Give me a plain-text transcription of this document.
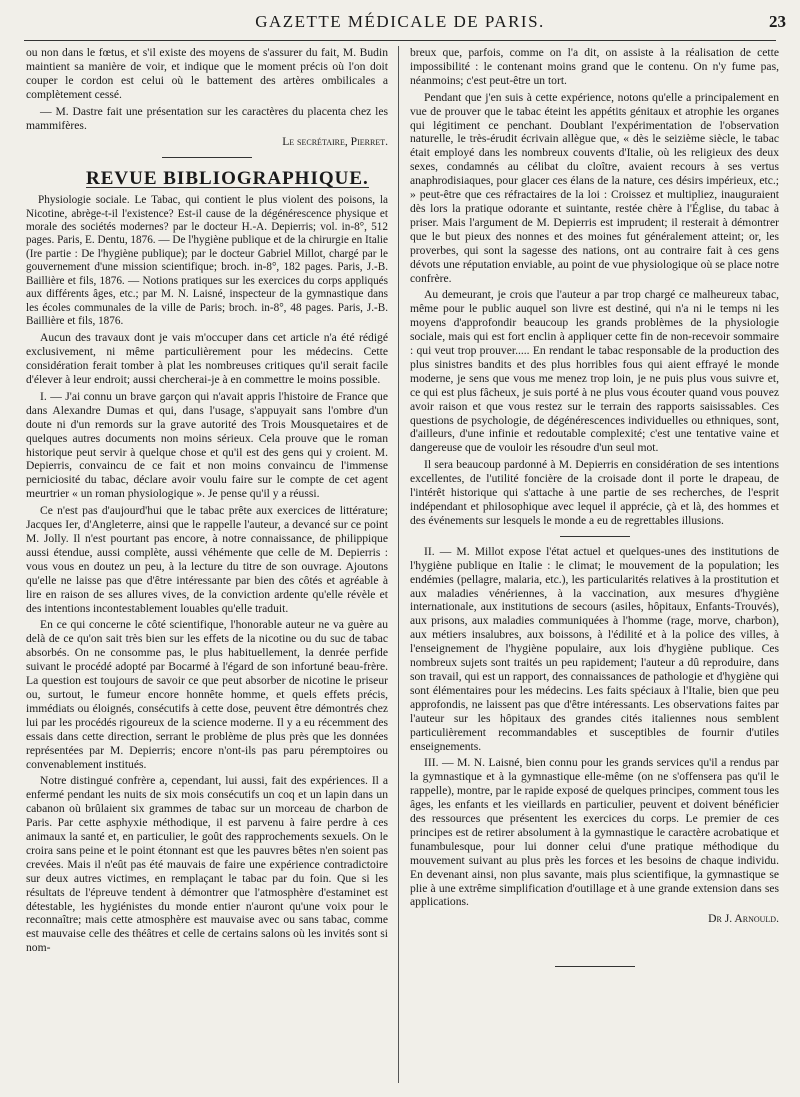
GAZETTE MÉDICALE DE PARIS.	23

ou non dans le fœtus, et s'il existe des moyens de s'assurer du fait, M. Budin maintient sa manière de voir, et indique que le moment précis où l'on doit couper le cordon est celui où le battement des artères ombilicales a complètement cessé.

— M. Dastre fait une présentation sur les caractères du placenta chez les mammifères.

Le secrétaire, Pierret.

REVUE BIBLIOGRAPHIQUE.

Physiologie sociale. Le Tabac, qui contient le plus violent des poisons, la Nicotine, abrège-t-il l'existence? Est-il cause de la dégénérescence physique et morale des sociétés modernes? par le docteur H.-A. Depierris; vol. in-8°, 512 pages. Paris, E. Dentu, 1876. — De l'hygiène publique et de la chirurgie en Italie (Ire partie : De l'hygiène publique); par le docteur Gabriel Millot, chargé par le gouvernement d'une mission scientifique; broch. in-8°, 182 pages. Paris, J.-B. Baillière et fils, 1876. — Notions pratiques sur les exercices du corps appliqués aux différents âges, etc.; par M. N. Laisné, inspecteur de la gymnastique dans les écoles communales de la ville de Paris; broch. in-8°, 48 pages. Paris, J.-B. Baillière et fils, 1876.

Aucun des travaux dont je vais m'occuper dans cet article n'a été rédigé exclusivement, ni même particulièrement pour les médecins. Cette considération ferait tomber à plat les nombreuses critiques qu'il serait facile d'élever à leur endroit; aussi chercherai-je à en commettre le moins possible.

I. — J'ai connu un brave garçon qui n'avait appris l'histoire de France que dans Alexandre Dumas et qui, dans l'usage, s'appuyait sans l'ombre d'un doute ni d'un remords sur la grave autorité des Trois Mousquetaires et de quelques autres documents non moins sérieux. Cela prouve que le roman historique peut servir à quelque chose et qu'il est des gens qui y croient. M. Depierris, convaincu de ce fait et non moins convaincu de l'immense perniciosité du tabac, déclare avoir voulu faire sur le compte de cet agent meurtrier « un roman physiologique ». Je pense qu'il y a réussi.

Ce n'est pas d'aujourd'hui que le tabac prête aux exercices de littérature; Jacques Ier, d'Angleterre, ainsi que le rappelle l'auteur, a devancé sur ce point M. Jolly. Il n'est pourtant pas encore, à notre connaissance, de philippique aussi étendue, aussi complète, aussi véhémente que celle de M. Depierris : vous vous en doutez un peu, à la lecture du titre de son ouvrage. Ajoutons qu'elle ne laisse pas que d'être intéressante par bien des côtés et agréable à lire en raison de ses allures vives, de la conviction ardente qu'elle révèle et des intentions incontestablement louables qu'elle traduit.

En ce qui concerne le côté scientifique, l'honorable auteur ne va guère au delà de ce qu'on sait très bien sur les effets de la nicotine ou du suc de tabac absorbés. On ne consomme pas, le plus habituellement, la denrée perfide suivant le procédé adopté par Bocarmé à l'égard de son infortuné beau-frère. La question est toujours de savoir ce que peut absorber de nicotine le priseur ou, surtout, le fumeur encore honnête homme, et quels effets précis, immédiats ou éloignés, consécutifs à cette dose, peuvent être démontrés chez lui par les procédés rigoureux de la science moderne. Il y a eu récemment des essais dans cette direction, serrant le problème de plus près que les données représentées par M. Depierris; encore n'ont-ils pas paru péremptoires ou convenablement institués.

Notre distingué confrère a, cependant, lui aussi, fait des expériences. Il a enfermé pendant les nuits de six mois consécutifs un coq et un lapin dans un cabanon où brûlaient six grammes de tabac sur un morceau de charbon de Paris. Par cette asphyxie méthodique, il est parvenu à faire perdre à ces animaux la santé et, en particulier, le goût des rapprochements sexuels. On le croira sans peine et le point étonnant est que les pauvres bêtes n'en soient pas crevées. Mais il n'eût pas été mauvais de faire une expérience contradictoire sur deux autres victimes, en remplaçant le tabac par du foin. Que si les résultats de l'épreuve tendent à démontrer que l'atmosphère d'estaminet est détestable, les hygiénistes du monde entier n'auront qu'une voix pour le reconnaître; mais cette atmosphère est mauvaise avec ou sans tabac, comme est mauvaise celle des théâtres et celle de certains salons où les invités sont si nom-

breux que, parfois, comme on l'a dit, on assiste à la réalisation de cette impossibilité : le contenant moins grand que le contenu. On n'y fume pas, néanmoins; c'est peut-être un tort.

Pendant que j'en suis à cette expérience, notons qu'elle a principalement en vue de prouver que le tabac éteint les appétits génitaux et atrophie les organes qui légitiment ce penchant. Doublant l'expérimentation de l'observation naturelle, le très-érudit écrivain allègue que, « dès le seizième siècle, le tabac était employé dans les nombreux couvents d'Italie, où les religieux des deux sexes, condamnés au célibat du cloître, avaient recours à ses vertus anaphrodisiaques, pour glacer ces élans de la nature, ces désirs impérieux, etc.; » peut-être que ces réfractaires de la loi : Croissez et multipliez, inauguraient dès lors la pratique odorante et suintante, restée chère à l'Église, du tabac à priser. Mais l'argument de M. Depierris est imprudent; il resterait à démontrer que le but pieux des nonnes et des moines fut généralement atteint; or, les proverbes, qui sont la sagesse des nations, ont au contraire fait à ces gens dévots une réputation enviable, au point de vue physiologique où se place notre confrère.

Au demeurant, je crois que l'auteur a par trop chargé ce malheureux tabac, même pour le public auquel son livre est destiné, qui n'a ni le temps ni les moyens d'approfondir beaucoup les grands problèmes de la physiologie sociale, mais qui est fort enclin à appliquer cette fin de non-recevoir sommaire : qui veut trop prouver..... En rendant le tabac responsable de la production des plus sinistres bandits et des plus horribles fous qui aient effrayé le monde moderne, je sens que vous me menez trop loin, je ne puis plus vous suivre et, ce qui est plus fâcheux, je suis porté à ne plus vous écouter quand vous pouvez avoir raison et que vous restez sur le terrain des rapports saisissables. Ces questions de psychologie, de dégénérescences individuelles ou ethniques, sont, d'ailleurs, d'une infinie et redoutable complexité; c'est une tentative vaine et dangereuse que de vouloir les résoudre d'un seul mot.

Il sera beaucoup pardonné à M. Depierris en considération de ses intentions excellentes, de l'utilité foncière de la croisade dont il porte le drapeau, de l'intérêt historique qui s'attache à une partie de ses recherches, de l'esprit indépendant et philosophique avec lequel il apprécie, çà et là, des hommes et des événements sur lesquels le monde a eu de regrettables illusions.

II. — M. Millot expose l'état actuel et quelques-unes des institutions de l'hygiène publique en Italie : le climat; le mouvement de la population; les endémies (pellagre, malaria, etc.), les particularités relatives à la prostitution et aux maladies vénériennes, à la vaccination, aux mesures d'hygiène internationale, aux institutions de secours (asiles, hôpitaux, Enfants-Trouvés), aux prisons, aux maladies communiquées à l'homme (rage, morve, charbon), aux métiers insalubres, aux boissons, à l'édilité et à la police des villes, à l'enseignement de l'hygiène populaire, aux lois d'hygiène publique. Ces nombreux sujets sont traités un peu rapidement; l'auteur a dû reproduire, dans son travail, qui est un rapport, des connaissances de pathologie et d'hygiène qui sont élémentaires pour les médecins. Les faits spéciaux à l'Italie, bien que peu approfondis, ne laissent pas que d'être intéressants. Les observations faites par l'auteur sur les hôpitaux des grandes cités italiennes nous semblent particulièrement recommandables et susceptibles de fournir d'utiles enseignements.

III. — M. N. Laisné, bien connu pour les grands services qu'il a rendus par la gymnastique et à la gymnastique elle-même (on ne s'offensera pas qu'il le rappelle), montre, par le rapide exposé de quelques principes, comment tous les âges, les enfants et les vieillards en particulier, peuvent et doivent bénéficier des ressources que présentent les exercices du corps. Le premier de ces principes est de retirer absolument à la gymnastique le caractère acrobatique et funambulesque, pour lui donner celui d'une pratique méthodique du mouvement suivant au plus près les forces et les besoins de chaque individu. En devenant ainsi, non plus savante, mais plus scientifique, la gymnastique se plie à une extrême simplification d'outillage et à une grande extension dans ses applications.

Dr J. Arnould.
